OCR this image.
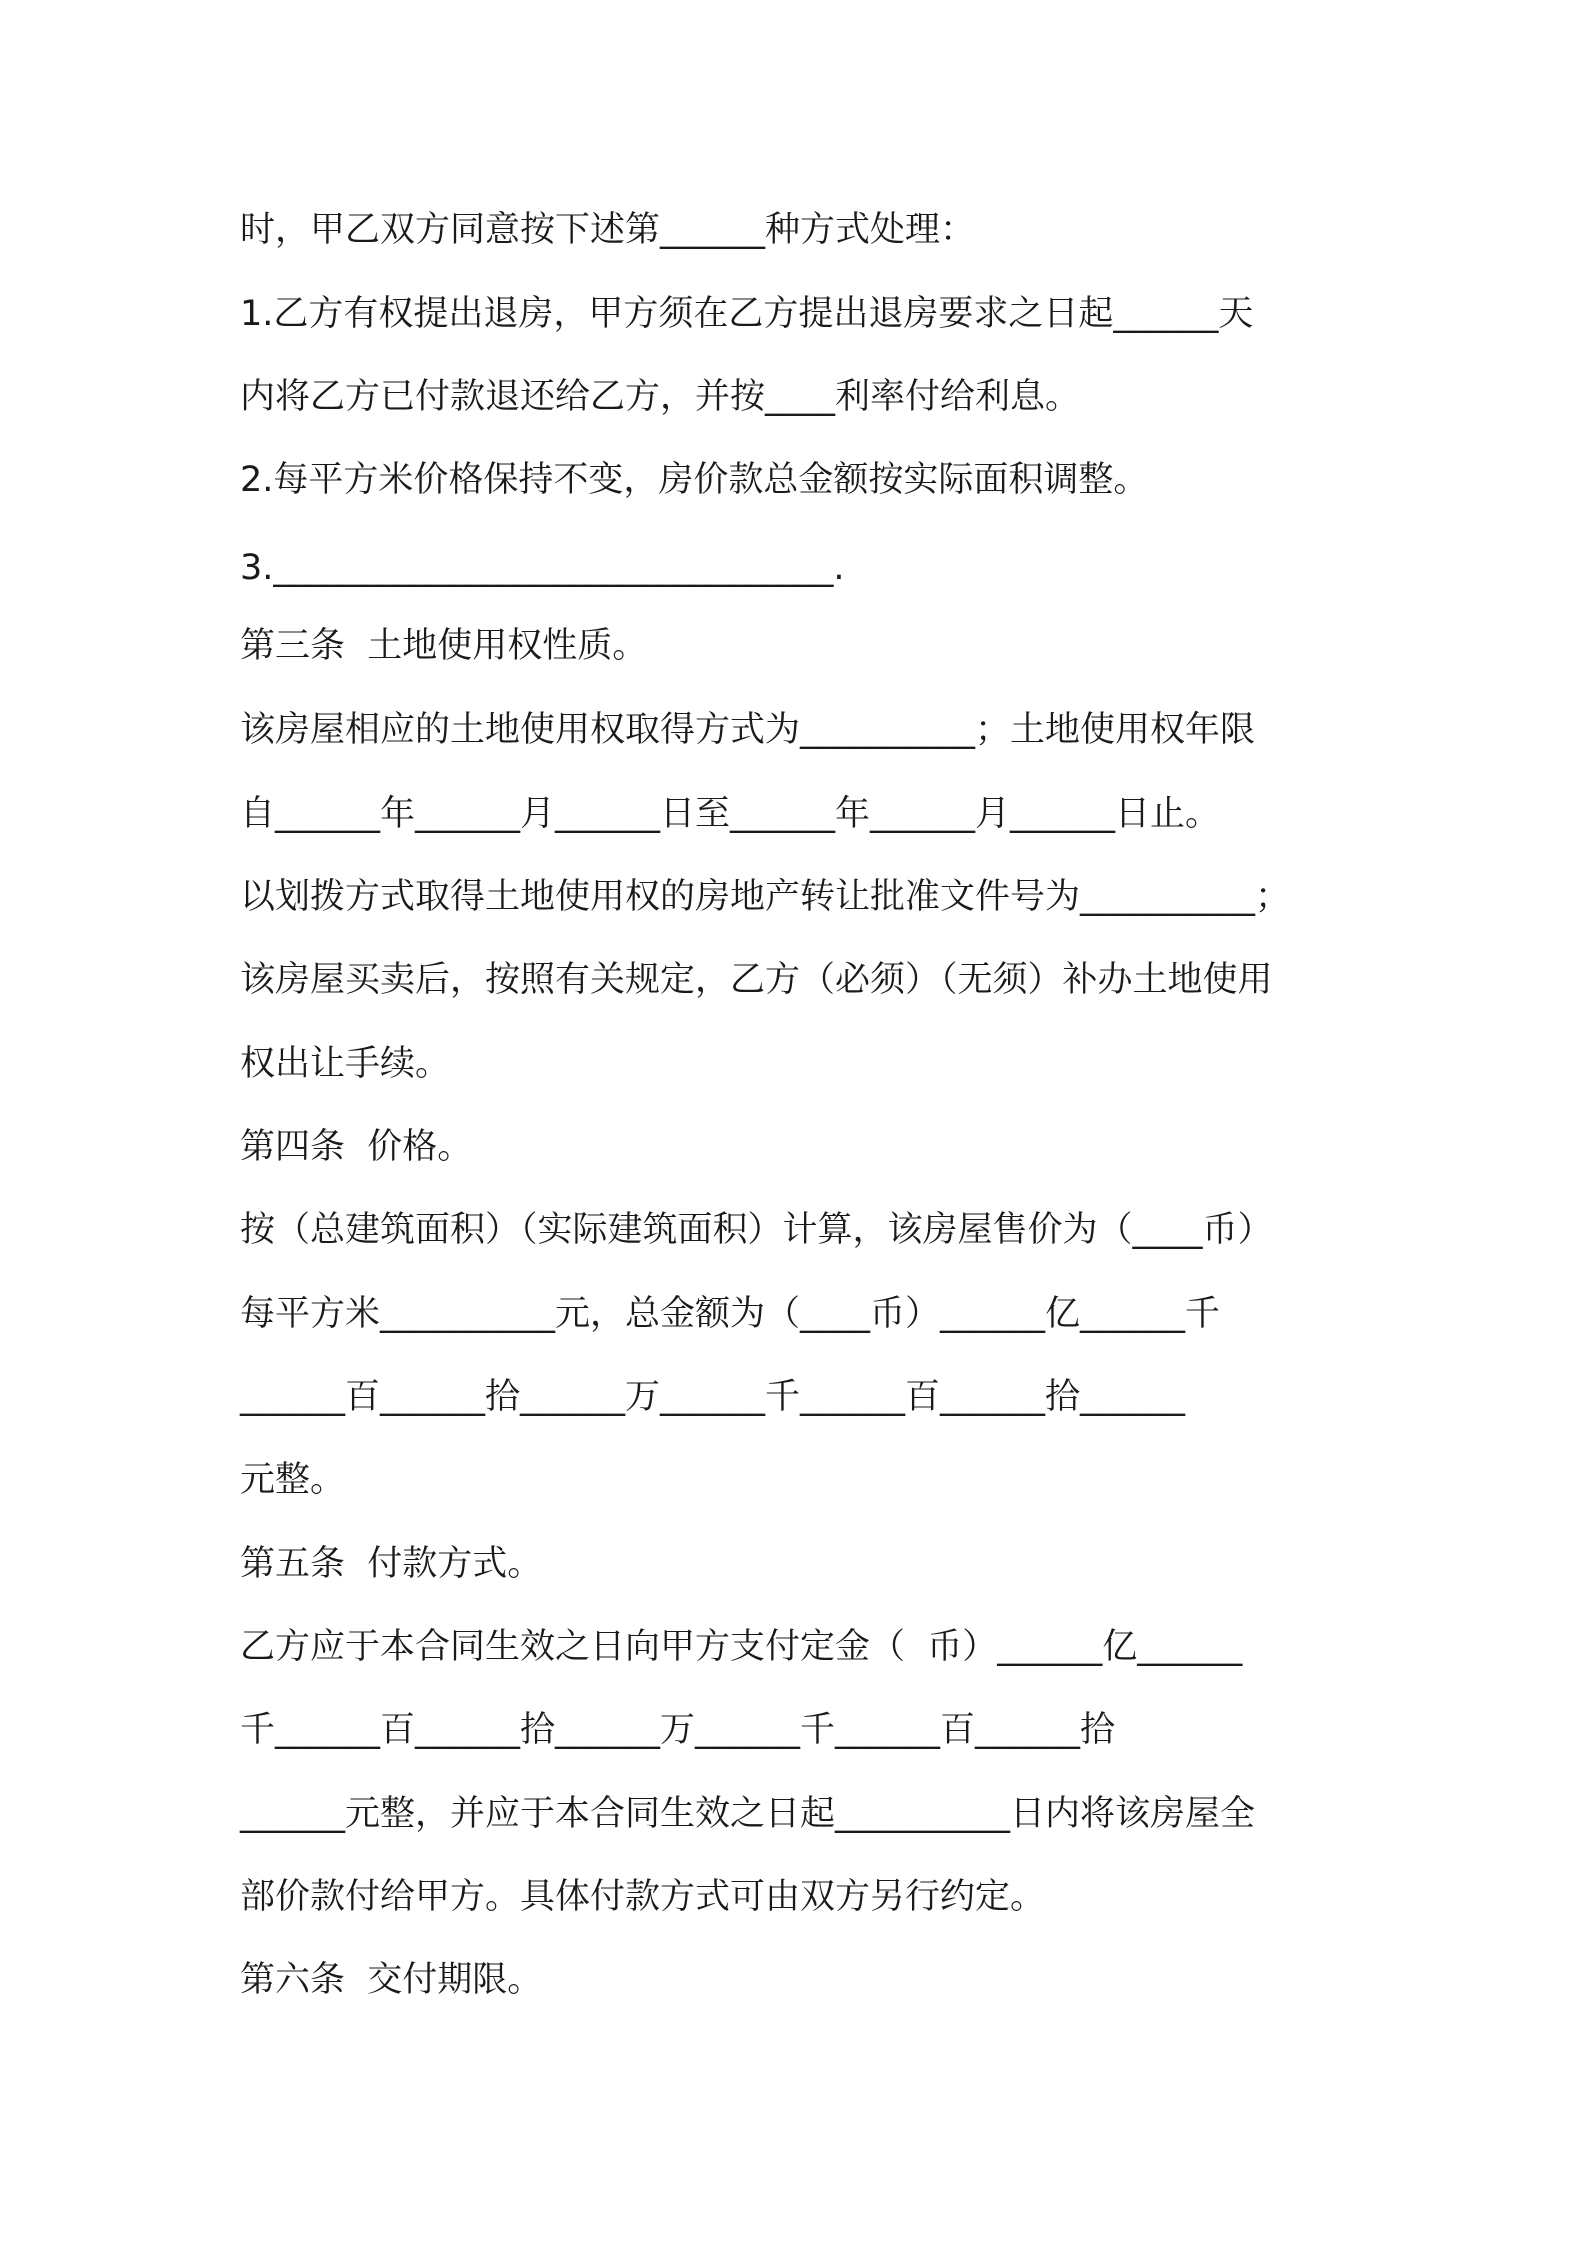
时，甲乙双方同意按下述第______种方式处理：
1.乙方有权提出退房，甲方须在乙方提出退房要求之日起______天
内将乙方已付款退还给乙方，并按____利率付给利息。
2.每平方米价格保持不变，房价款总金额按实际面积调整。
3.________________________________.
第三条  土地使用权性质。
该房屋相应的土地使用权取得方式为__________；土地使用权年限
自______年______月______日至______年______月______日止。
以划拨方式取得土地使用权的房地产转让批准文件号为__________；
该房屋买卖后，按照有关规定，乙方（必须）（无须）补办土地使用
权出让手续。
第四条  价格。
按（总建筑面积）（实际建筑面积）计算，该房屋售价为（____币）
每平方米__________元，总金额为（____币）______亿______千
______百______拾______万______千______百______拾______
元整。
第五条  付款方式。
乙方应于本合同生效之日向甲方支付定金（  币）______亿______
千______百______拾______万______千______百______拾
______元整，并应于本合同生效之日起__________日内将该房屋全
部价款付给甲方。具体付款方式可由双方另行约定。
第六条  交付期限。
